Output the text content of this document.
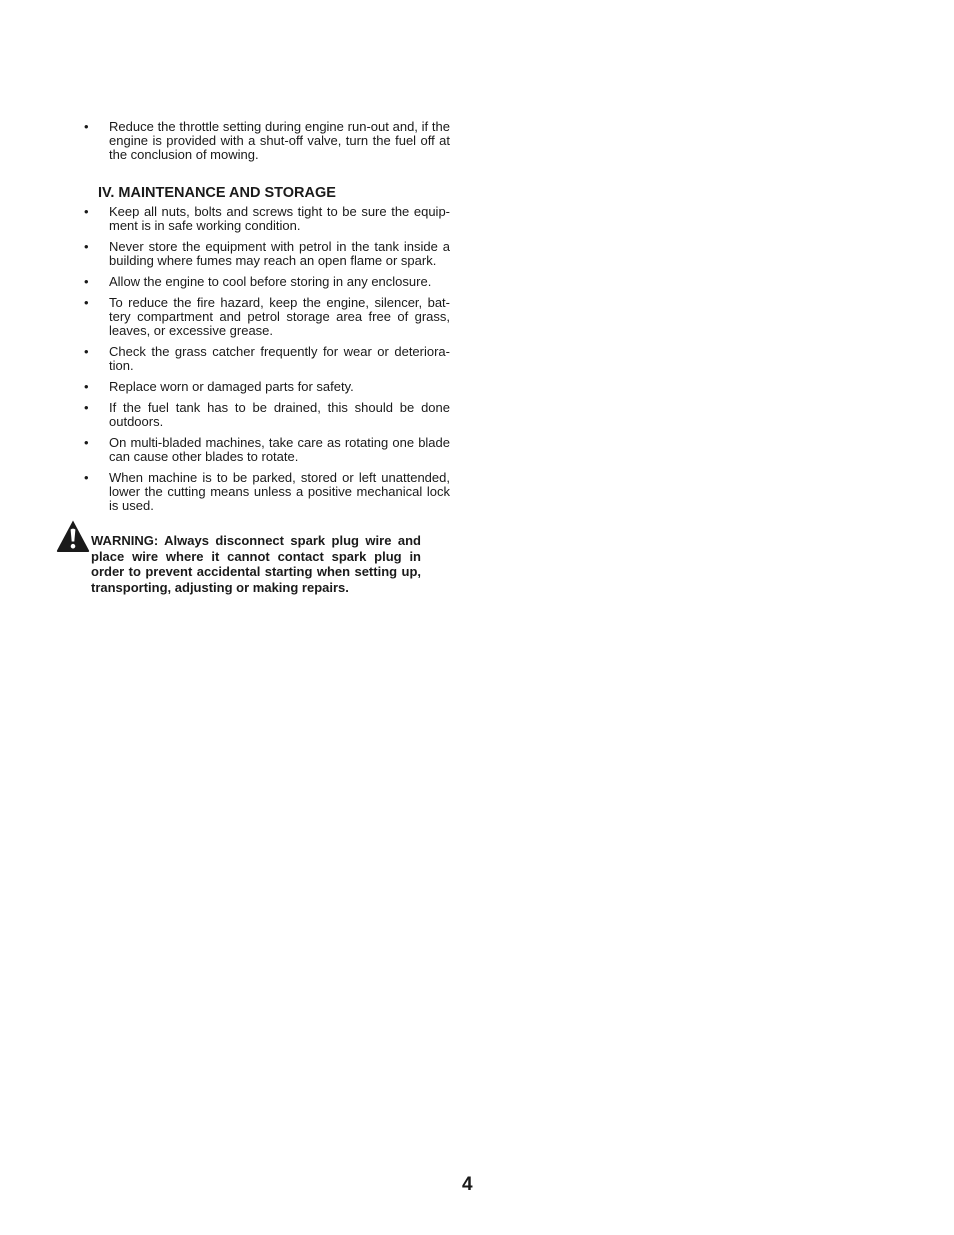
• Reduce the throttle setting during engine run-out and, if the engine is provided with a shut-off valve, turn the fuel off at the conclusion of mowing.
IV. MAINTENANCE AND STORAGE
• Keep all nuts, bolts and screws tight to be sure the equip-ment is in safe working condition.
• Never store the equipment with petrol in the tank inside a building where fumes may reach an open flame or spark.
• Allow the engine to cool before storing in any enclosure.
• To reduce the fire hazard, keep the engine, silencer, bat-tery compartment and petrol storage area free of grass, leaves, or excessive grease.
• Check the grass catcher frequently for wear or deteriora-tion.
• Replace worn or damaged parts for safety.
• If the fuel tank has to be drained, this should be done outdoors.
• On multi-bladed machines, take care as rotating one blade can cause other blades to rotate.
• When machine is to be parked, stored or left unattended, lower the cutting means unless a positive mechanical lock is used.
WARNING: Always disconnect spark plug wire and place wire where it cannot contact spark plug in order to prevent accidental starting when setting up, transporting, adjusting or making repairs.
4
